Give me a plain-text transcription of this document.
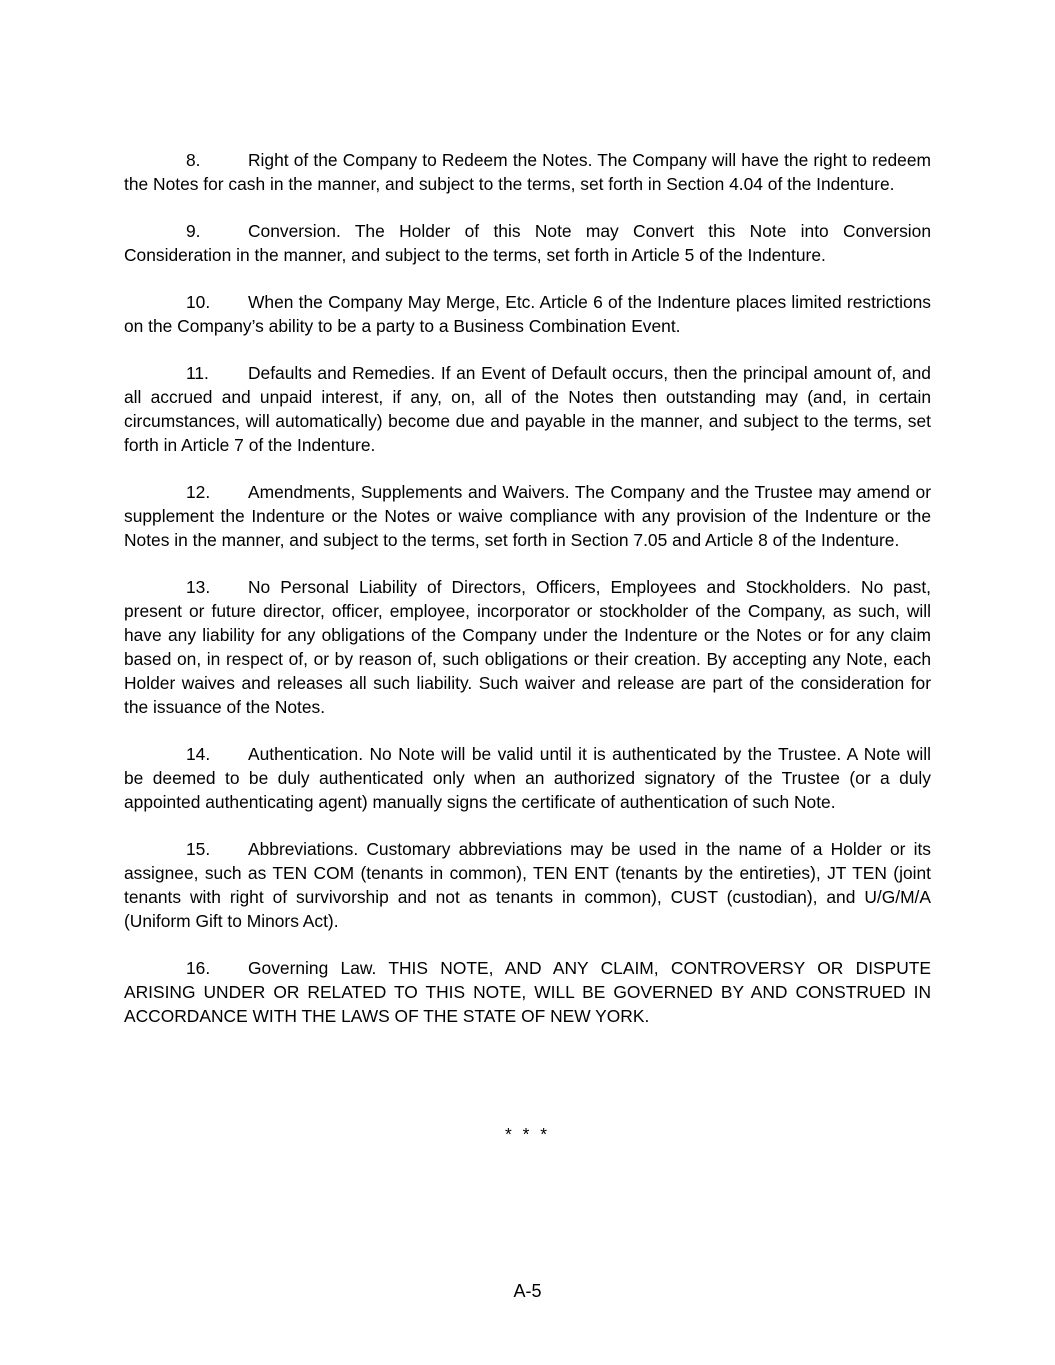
8.	Right of the Company to Redeem the Notes. The Company will have the right to redeem the Notes for cash in the manner, and subject to the terms, set forth in Section 4.04 of the Indenture.

9.	Conversion. The Holder of this Note may Convert this Note into Conversion Consideration in the manner, and subject to the terms, set forth in Article 5 of the Indenture.

10. When the Company May Merge, Etc. Article 6 of the Indenture places limited restrictions on the Company’s ability to be a party to a Business Combination Event.

11. Defaults and Remedies. If an Event of Default occurs, then the principal amount of, and all accrued and unpaid interest, if any, on, all of the Notes then outstanding may (and, in certain circumstances, will automatically) become due and payable in the manner, and subject to the terms, set forth in Article 7 of the Indenture.

12. Amendments, Supplements and Waivers. The Company and the Trustee may amend or supplement the Indenture or the Notes or waive compliance with any provision of the Indenture or the Notes in the manner, and subject to the terms, set forth in Section 7.05 and Article 8 of the Indenture.

13. No Personal Liability of Directors, Officers, Employees and Stockholders. No past, present or future director, officer, employee, incorporator or stockholder of the Company, as such, will have any liability for any obligations of the Company under the Indenture or the Notes or for any claim based on, in respect of, or by reason of, such obligations or their creation. By accepting any Note, each Holder waives and releases all such liability. Such waiver and release are part of the consideration for the issuance of the Notes.

14. Authentication. No Note will be valid until it is authenticated by the Trustee. A Note will be deemed to be duly authenticated only when an authorized signatory of the Trustee (or a duly appointed authenticating agent) manually signs the certificate of authentication of such Note.

15. Abbreviations. Customary abbreviations may be used in the name of a Holder or its assignee, such as TEN COM (tenants in common), TEN ENT (tenants by the entireties), JT TEN (joint tenants with right of survivorship and not as tenants in common), CUST (custodian), and U/G/M/A (Uniform Gift to Minors Act).

16. Governing Law. THIS NOTE, AND ANY CLAIM, CONTROVERSY OR DISPUTE ARISING UNDER OR RELATED TO THIS NOTE, WILL BE GOVERNED BY AND CONSTRUED IN ACCORDANCE WITH THE LAWS OF THE STATE OF NEW YORK.

* * *
A-5
